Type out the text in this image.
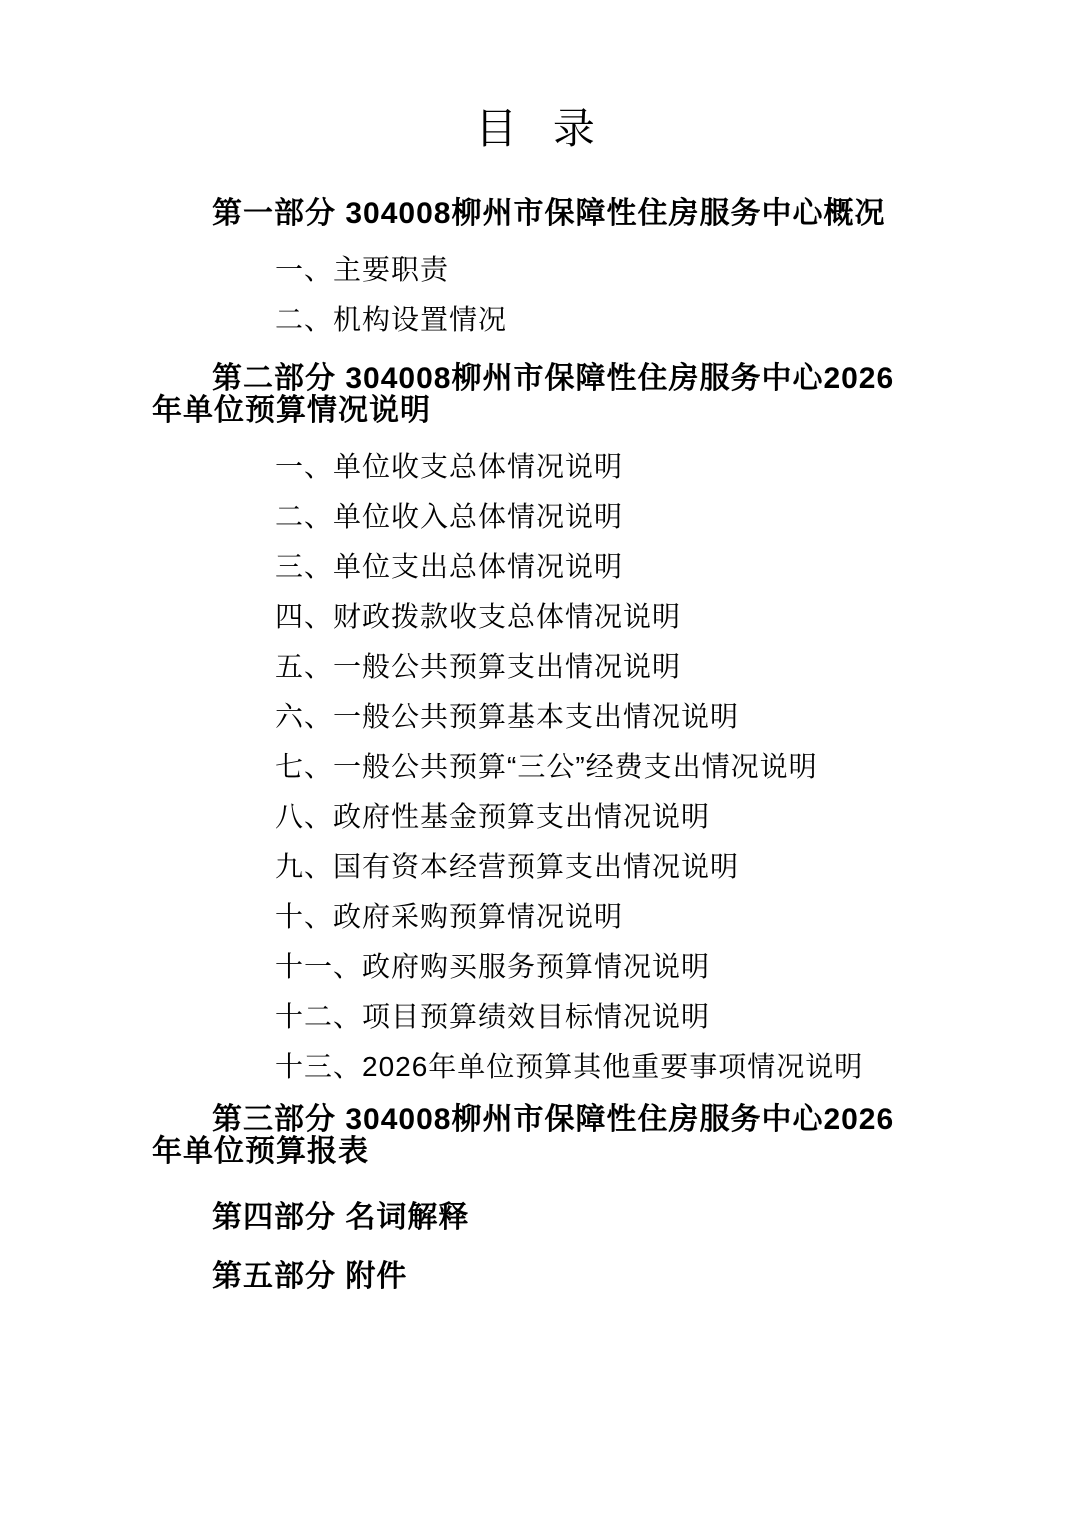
目 录
第一部分 304008柳州市保障性住房服务中心概况
一、主要职责
二、机构设置情况
第二部分 304008柳州市保障性住房服务中心2026年单位预算情况说明
一、单位收支总体情况说明
二、单位收入总体情况说明
三、单位支出总体情况说明
四、财政拨款收支总体情况说明
五、一般公共预算支出情况说明
六、一般公共预算基本支出情况说明
七、一般公共预算“三公”经费支出情况说明
八、政府性基金预算支出情况说明
九、国有资本经营预算支出情况说明
十、政府采购预算情况说明
十一、政府购买服务预算情况说明
十二、项目预算绩效目标情况说明
十三、2026年单位预算其他重要事项情况说明
第三部分 304008柳州市保障性住房服务中心2026年单位预算报表
第四部分 名词解释
第五部分 附件
